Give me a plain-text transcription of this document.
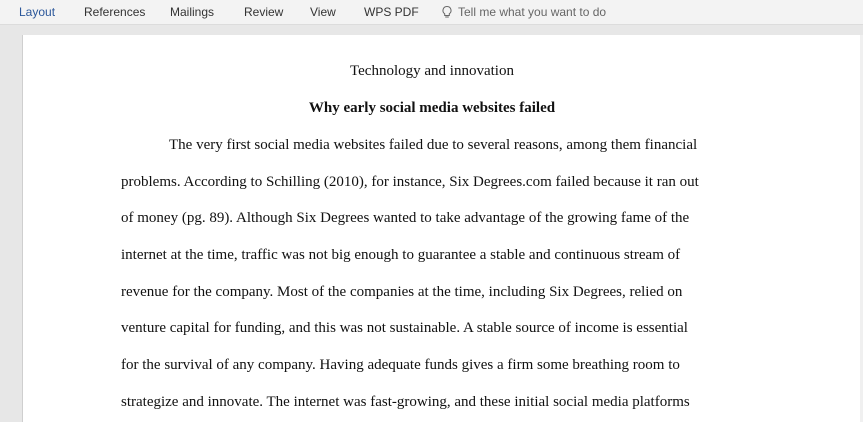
Layout References Mailings Review View WPS PDF	Tell me what you want to do
Technology and innovation
Why early social media websites failed
The very first social media websites failed due to several reasons, among them financial
problems. According to Schilling (2010), for instance, Six Degrees.com failed because it ran out
of money (pg. 89). Although Six Degrees wanted to take advantage of the growing fame of the
internet at the time, traffic was not big enough to guarantee a stable and continuous stream of
revenue for the company. Most of the companies at the time, including Six Degrees, relied on
venture capital for funding, and this was not sustainable. A stable source of income is essential
for the survival of any company. Having adequate funds gives a firm some breathing room to
strategize and innovate. The internet was fast-growing, and these initial social media platforms
